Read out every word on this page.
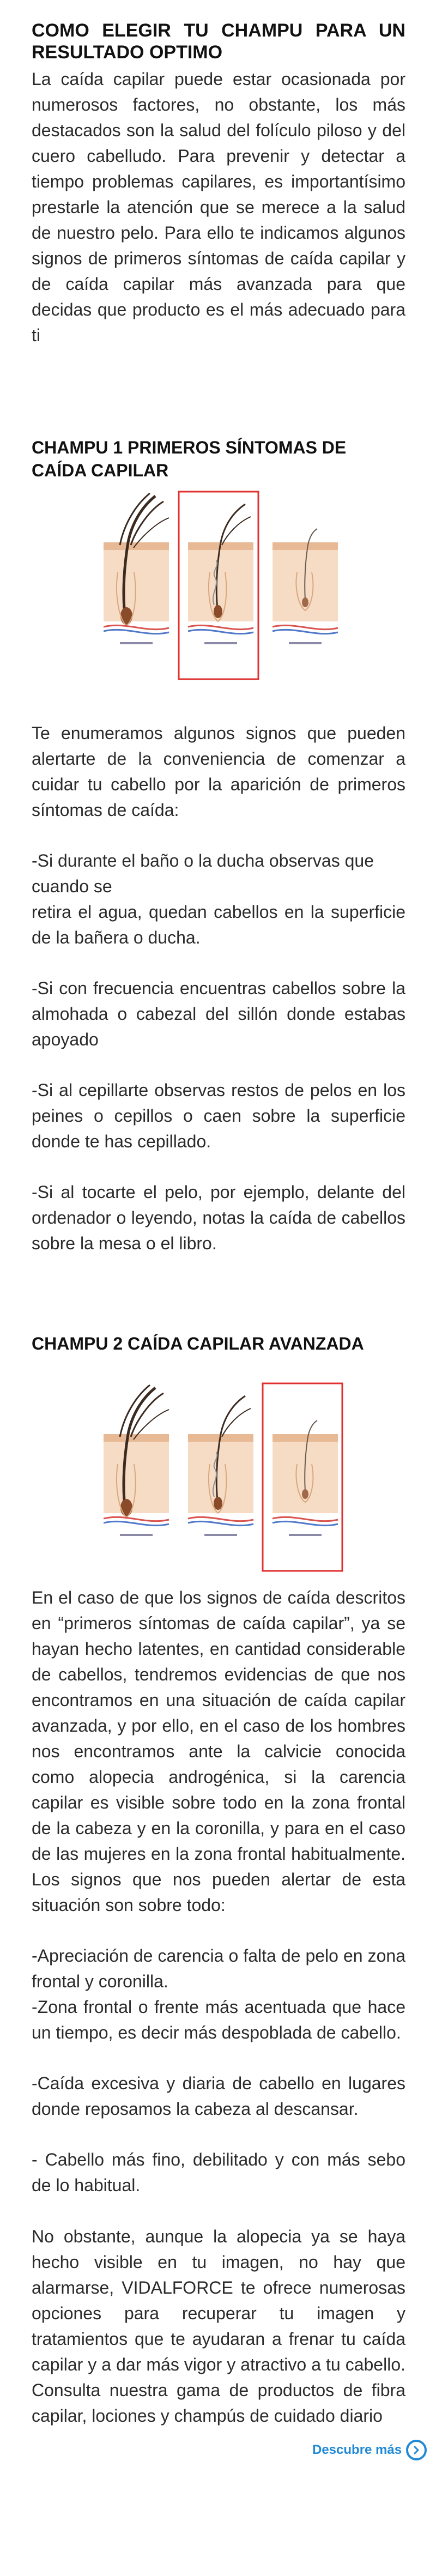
COMO ELEGIR TU CHAMPU PARA UN RESULTADO OPTIMO

La caída capilar puede estar ocasionada por numerosos factores, no obstante, los más destacados son la salud del folículo piloso y del cuero cabelludo. Para prevenir y detectar a tiempo problemas capilares, es importantísimo prestarle la atención que se merece a la salud de nuestro pelo. Para ello te indicamos algunos signos de primeros síntomas de caída capilar y de caída capilar más avanzada para que decidas que producto es el más adecuado para ti

CHAMPU 1 PRIMEROS SÍNTOMAS DE CAÍDA CAPILAR

Te enumeramos algunos signos que pueden alertarte de la conveniencia de comenzar a cuidar tu cabello por la aparición de primeros síntomas de caída:

-Si durante el baño o la ducha observas que cuando se

retira el agua, quedan cabellos en la superficie de la bañera o ducha.

-Si con frecuencia encuentras cabellos sobre la almohada o cabezal del sillón donde estabas apoyado

-Si al cepillarte observas restos de pelos en los peines o cepillos o caen sobre la superficie donde te has cepillado.

-Si al tocarte el pelo, por ejemplo, delante del ordenador o leyendo, notas la caída de cabellos sobre la mesa o el libro.

CHAMPU 2 CAÍDA CAPILAR AVANZADA

En el caso de que los signos de caída descritos en “primeros síntomas de caída capilar”, ya se hayan hecho latentes, en cantidad considerable de cabellos, tendremos evidencias de que nos encontramos en una situación de caída capilar avanzada, y por ello, en el caso de los hombres nos encontramos ante la calvicie conocida como alopecia androgénica, si la carencia capilar es visible sobre todo en la zona frontal de la cabeza y en la coronilla, y para en el caso de las mujeres en la zona frontal habitualmente. Los signos que nos pueden alertar de esta situación son sobre todo:

-Apreciación de carencia o falta de pelo en zona frontal y coronilla.

-Zona frontal o frente más acentuada que hace un tiempo, es decir más despoblada de cabello.

-Caída excesiva y diaria de cabello en lugares donde reposamos la cabeza al descansar.

- Cabello más fino, debilitado y con más sebo de lo habitual.

No obstante, aunque la alopecia ya se haya hecho visible en tu imagen, no hay que alarmarse, VIDALFORCE te ofrece numerosas opciones para recuperar tu imagen y tratamientos que te ayudaran a frenar tu caída capilar y a dar más vigor y atractivo a tu cabello. Consulta nuestra gama de productos de fibra capilar, lociones y champús de cuidado diario

Descubre más
